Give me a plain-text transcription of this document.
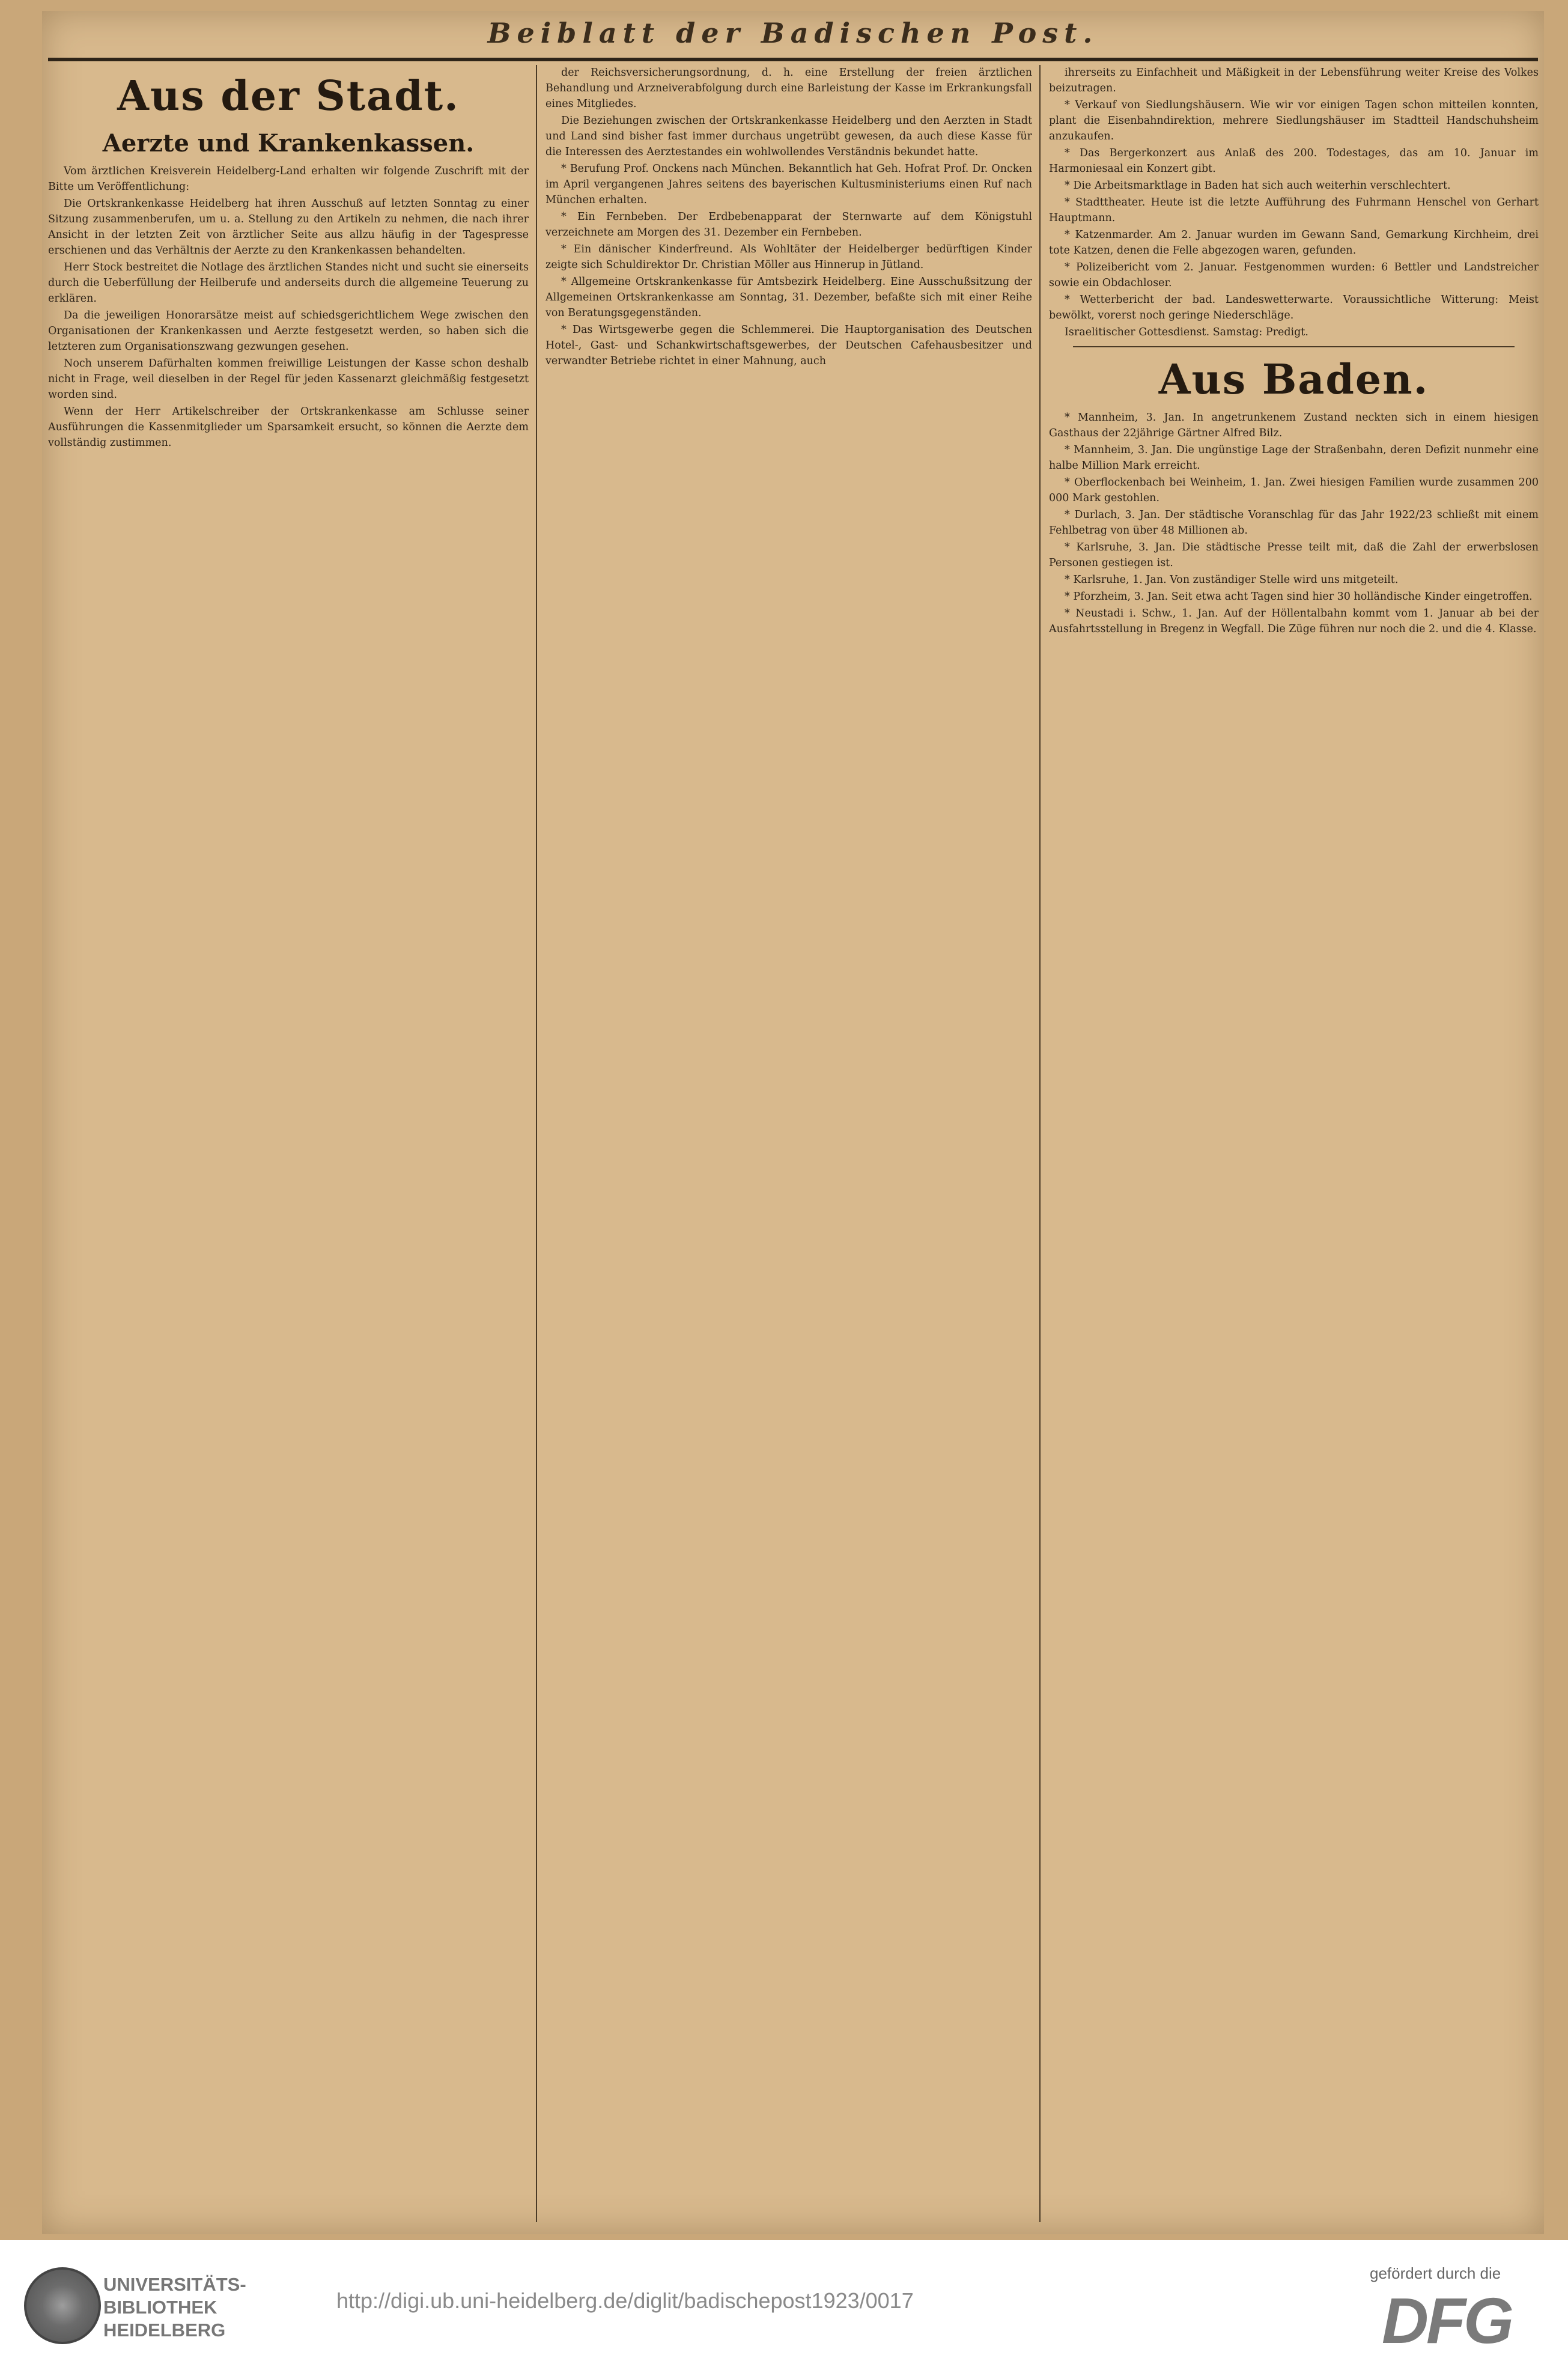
Beiblatt der Badischen Post.
Aus der Stadt.
Aerzte und Krankenkassen.

Vom ärztlichen Kreisverein Heidelberg-Land erhalten wir folgende Zuschrift mit der Bitte um Veröffentlichung:

Die Ortskrankenkasse Heidelberg hat ihren Ausschuß auf letzten Sonntag zu einer Sitzung zusammenberufen, um u. a. Stellung zu den Artikeln zu nehmen, die nach ihrer Ansicht in der letzten Zeit von ärztlicher Seite aus allzu häufig in der Tagespresse erschienen und das Verhältnis der Aerzte zu den Krankenkassen behandelten.

Herr Stock bestreitet die Notlage des ärztlichen Standes nicht und sucht sie einerseits durch die Ueberfüllung der Heilberufe und anderseits durch die allgemeine Teuerung zu erklären.

Da die jeweiligen Honorarsätze meist auf schiedsgerichtlichem Wege zwischen den Organisationen der Krankenkassen und Aerzte festgesetzt werden, so haben sich die letzteren zum Organisationszwang gezwungen gesehen.

Noch unserem Dafürhalten kommen freiwillige Leistungen der Kasse schon deshalb nicht in Frage, weil dieselben in der Regel für jeden Kassenarzt gleichmäßig festgesetzt worden sind.

Wenn der Herr Artikelschreiber der Ortskrankenkasse am Schlusse seiner Ausführungen die Kassenmitglieder um Sparsamkeit ersucht, so können die Aerzte dem vollständig zustimmen.

der Reichsversicherungsordnung, d. h. eine Erstellung der freien ärztlichen Behandlung und Arzneiverabfolgung durch eine Barleistung der Kasse im Erkrankungsfall eines Mitgliedes.

Die Beziehungen zwischen der Ortskrankenkasse Heidelberg und den Aerzten in Stadt und Land sind bisher fast immer durchaus ungetrübt gewesen, da auch diese Kasse für die Interessen des Aerztestandes ein wohlwollendes Verständnis bekundet hatte.

* Berufung Prof. Onckens nach München. Bekanntlich hat Geh. Hofrat Prof. Dr. Oncken im April vergangenen Jahres seitens des bayerischen Kultusministeriums einen Ruf nach München erhalten.

* Ein Fernbeben. Der Erdbebenapparat der Sternwarte auf dem Königstuhl verzeichnete am Morgen des 31. Dezember ein Fernbeben.

* Ein dänischer Kinderfreund. Als Wohltäter der Heidelberger bedürftigen Kinder zeigte sich Schuldirektor Dr. Christian Möller aus Hinnerup in Jütland.

* Allgemeine Ortskrankenkasse für Amtsbezirk Heidelberg. Eine Ausschußsitzung der Allgemeinen Ortskrankenkasse am Sonntag, 31. Dezember, befaßte sich mit einer Reihe von Beratungsgegenständen.

* Das Wirtsgewerbe gegen die Schlemmerei. Die Hauptorganisation des Deutschen Hotel-, Gast- und Schankwirtschaftsgewerbes, der Deutschen Cafehausbesitzer und verwandter Betriebe richtet in einer Mahnung, auch

ihrerseits zu Einfachheit und Mäßigkeit in der Lebensführung weiter Kreise des Volkes beizutragen.

* Verkauf von Siedlungshäusern. Wie wir vor einigen Tagen schon mitteilen konnten, plant die Eisenbahndirektion, mehrere Siedlungshäuser im Stadtteil Handschuhsheim anzukaufen.

* Das Bergerkonzert aus Anlaß des 200. Todestages, das am 10. Januar im Harmoniesaal ein Konzert gibt.

* Die Arbeitsmarktlage in Baden hat sich auch weiterhin verschlechtert.

* Stadttheater. Heute ist die letzte Aufführung des Fuhrmann Henschel von Gerhart Hauptmann.

* Katzenmarder. Am 2. Januar wurden im Gewann Sand, Gemarkung Kirchheim, drei tote Katzen, denen die Felle abgezogen waren, gefunden.

* Polizeibericht vom 2. Januar. Festgenommen wurden: 6 Bettler und Landstreicher sowie ein Obdachloser.

* Wetterbericht der bad. Landeswetterwarte. Voraussichtliche Witterung: Meist bewölkt, vorerst noch geringe Niederschläge.

Israelitischer Gottesdienst. Samstag: Predigt.

Aus Baden.

* Mannheim, 3. Jan. In angetrunkenem Zustand neckten sich in einem hiesigen Gasthaus der 22jährige Gärtner Alfred Bilz.

* Mannheim, 3. Jan. Die ungünstige Lage der Straßenbahn, deren Defizit nunmehr eine halbe Million Mark erreicht.

* Oberflockenbach bei Weinheim, 1. Jan. Zwei hiesigen Familien wurde zusammen 200 000 Mark gestohlen.

* Durlach, 3. Jan. Der städtische Voranschlag für das Jahr 1922/23 schließt mit einem Fehlbetrag von über 48 Millionen ab.

* Karlsruhe, 3. Jan. Die städtische Presse teilt mit, daß die Zahl der erwerbslosen Personen gestiegen ist.

* Karlsruhe, 1. Jan. Von zuständiger Stelle wird uns mitgeteilt.

* Pforzheim, 3. Jan. Seit etwa acht Tagen sind hier 30 holländische Kinder eingetroffen.

* Neustadi i. Schw., 1. Jan. Auf der Höllentalbahn kommt vom 1. Januar ab bei der Ausfahrtsstellung in Bregenz in Wegfall. Die Züge führen nur noch die 2. und die 4. Klasse.

UNIVERSITÄTS-
BIBLIOTHEK
HEIDELBERG
http://digi.ub.uni-heidelberg.de/diglit/badischepost1923/0017
gefördert durch die
DFG
